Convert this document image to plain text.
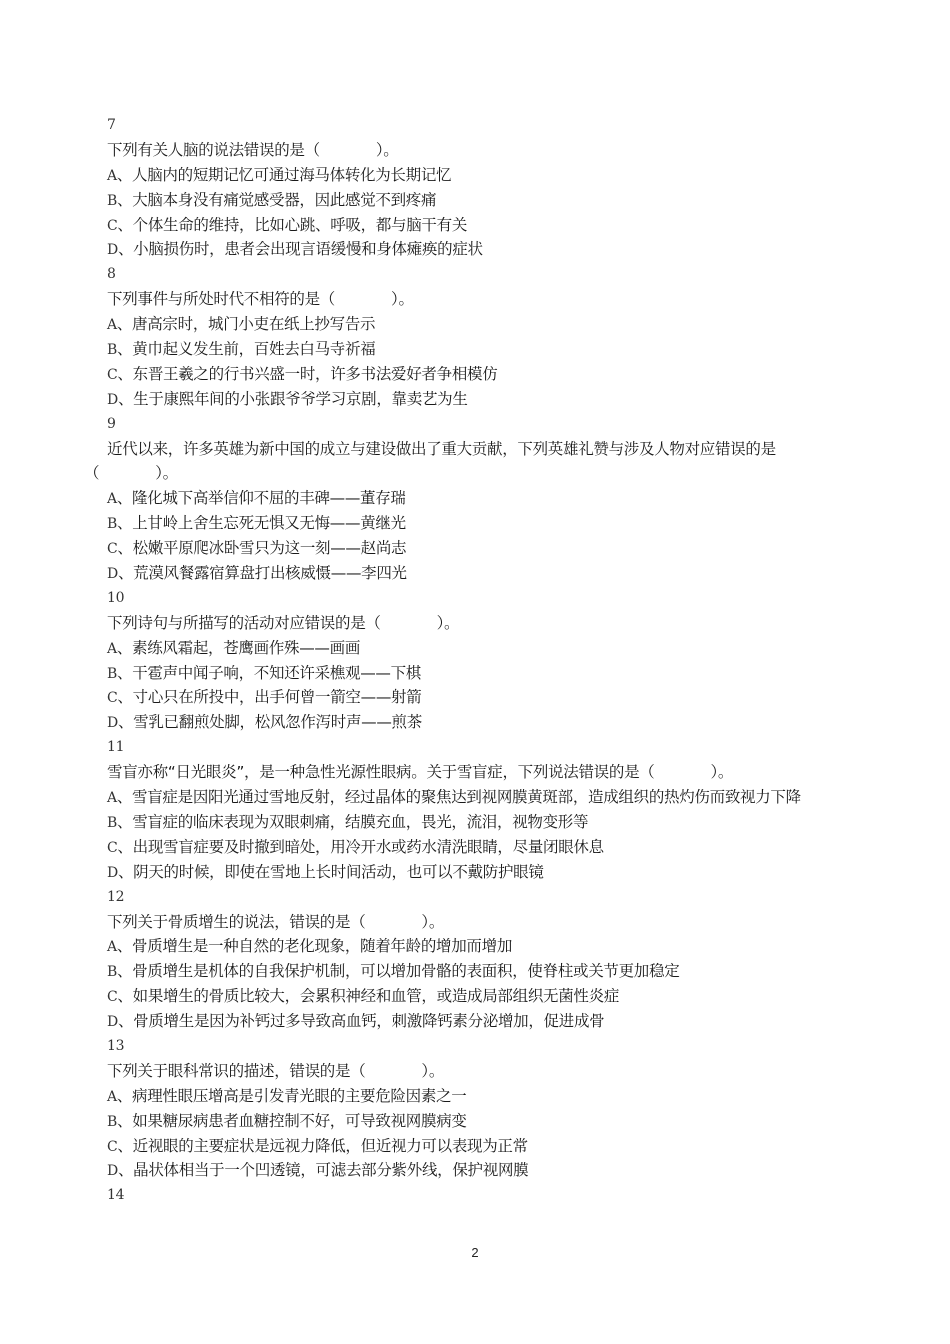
7
下列有关人脑的说法错误的是（	）。
A、人脑内的短期记忆可通过海马体转化为长期记忆
B、大脑本身没有痛觉感受器，因此感觉不到疼痛
C、个体生命的维持，比如心跳、呼吸，都与脑干有关
D、小脑损伤时，患者会出现言语缓慢和身体瘫痪的症状
8
下列事件与所处时代不相符的是（	）。
A、唐高宗时，城门小吏在纸上抄写告示
B、黄巾起义发生前，百姓去白马寺祈福
C、东晋王羲之的行书兴盛一时，许多书法爱好者争相模仿
D、生于康熙年间的小张跟爷爷学习京剧，靠卖艺为生
9
近代以来，许多英雄为新中国的成立与建设做出了重大贡献，下列英雄礼赞与涉及人物对应错误的是
（	）。
A、隆化城下高举信仰不屈的丰碑——董存瑞
B、上甘岭上舍生忘死无惧又无悔——黄继光
C、松嫩平原爬冰卧雪只为这一刻——赵尚志
D、荒漠风餐露宿算盘打出核威慑——李四光
10
下列诗句与所描写的活动对应错误的是（	）。
A、素练风霜起，苍鹰画作殊——画画
B、干雹声中闻子响，不知还许采樵观——下棋
C、寸心只在所投中，出手何曾一箭空——射箭
D、雪乳已翻煎处脚，松风忽作泻时声——煎茶
11
雪盲亦称“日光眼炎”，是一种急性光源性眼病。关于雪盲症，下列说法错误的是（	）。
A、雪盲症是因阳光通过雪地反射，经过晶体的聚焦达到视网膜黄斑部，造成组织的热灼伤而致视力下降
B、雪盲症的临床表现为双眼刺痛，结膜充血，畏光，流泪，视物变形等
C、出现雪盲症要及时撤到暗处，用冷开水或药水清洗眼睛，尽量闭眼休息
D、阴天的时候，即使在雪地上长时间活动，也可以不戴防护眼镜
12
下列关于骨质增生的说法，错误的是（	）。
A、骨质增生是一种自然的老化现象，随着年龄的增加而增加
B、骨质增生是机体的自我保护机制，可以增加骨骼的表面积，使脊柱或关节更加稳定
C、如果增生的骨质比较大，会累积神经和血管，或造成局部组织无菌性炎症
D、骨质增生是因为补钙过多导致高血钙，刺激降钙素分泌增加，促进成骨
13
下列关于眼科常识的描述，错误的是（	）。
A、病理性眼压增高是引发青光眼的主要危险因素之一
B、如果糖尿病患者血糖控制不好，可导致视网膜病变
C、近视眼的主要症状是远视力降低，但近视力可以表现为正常
D、晶状体相当于一个凹透镜，可滤去部分紫外线，保护视网膜
14
2
